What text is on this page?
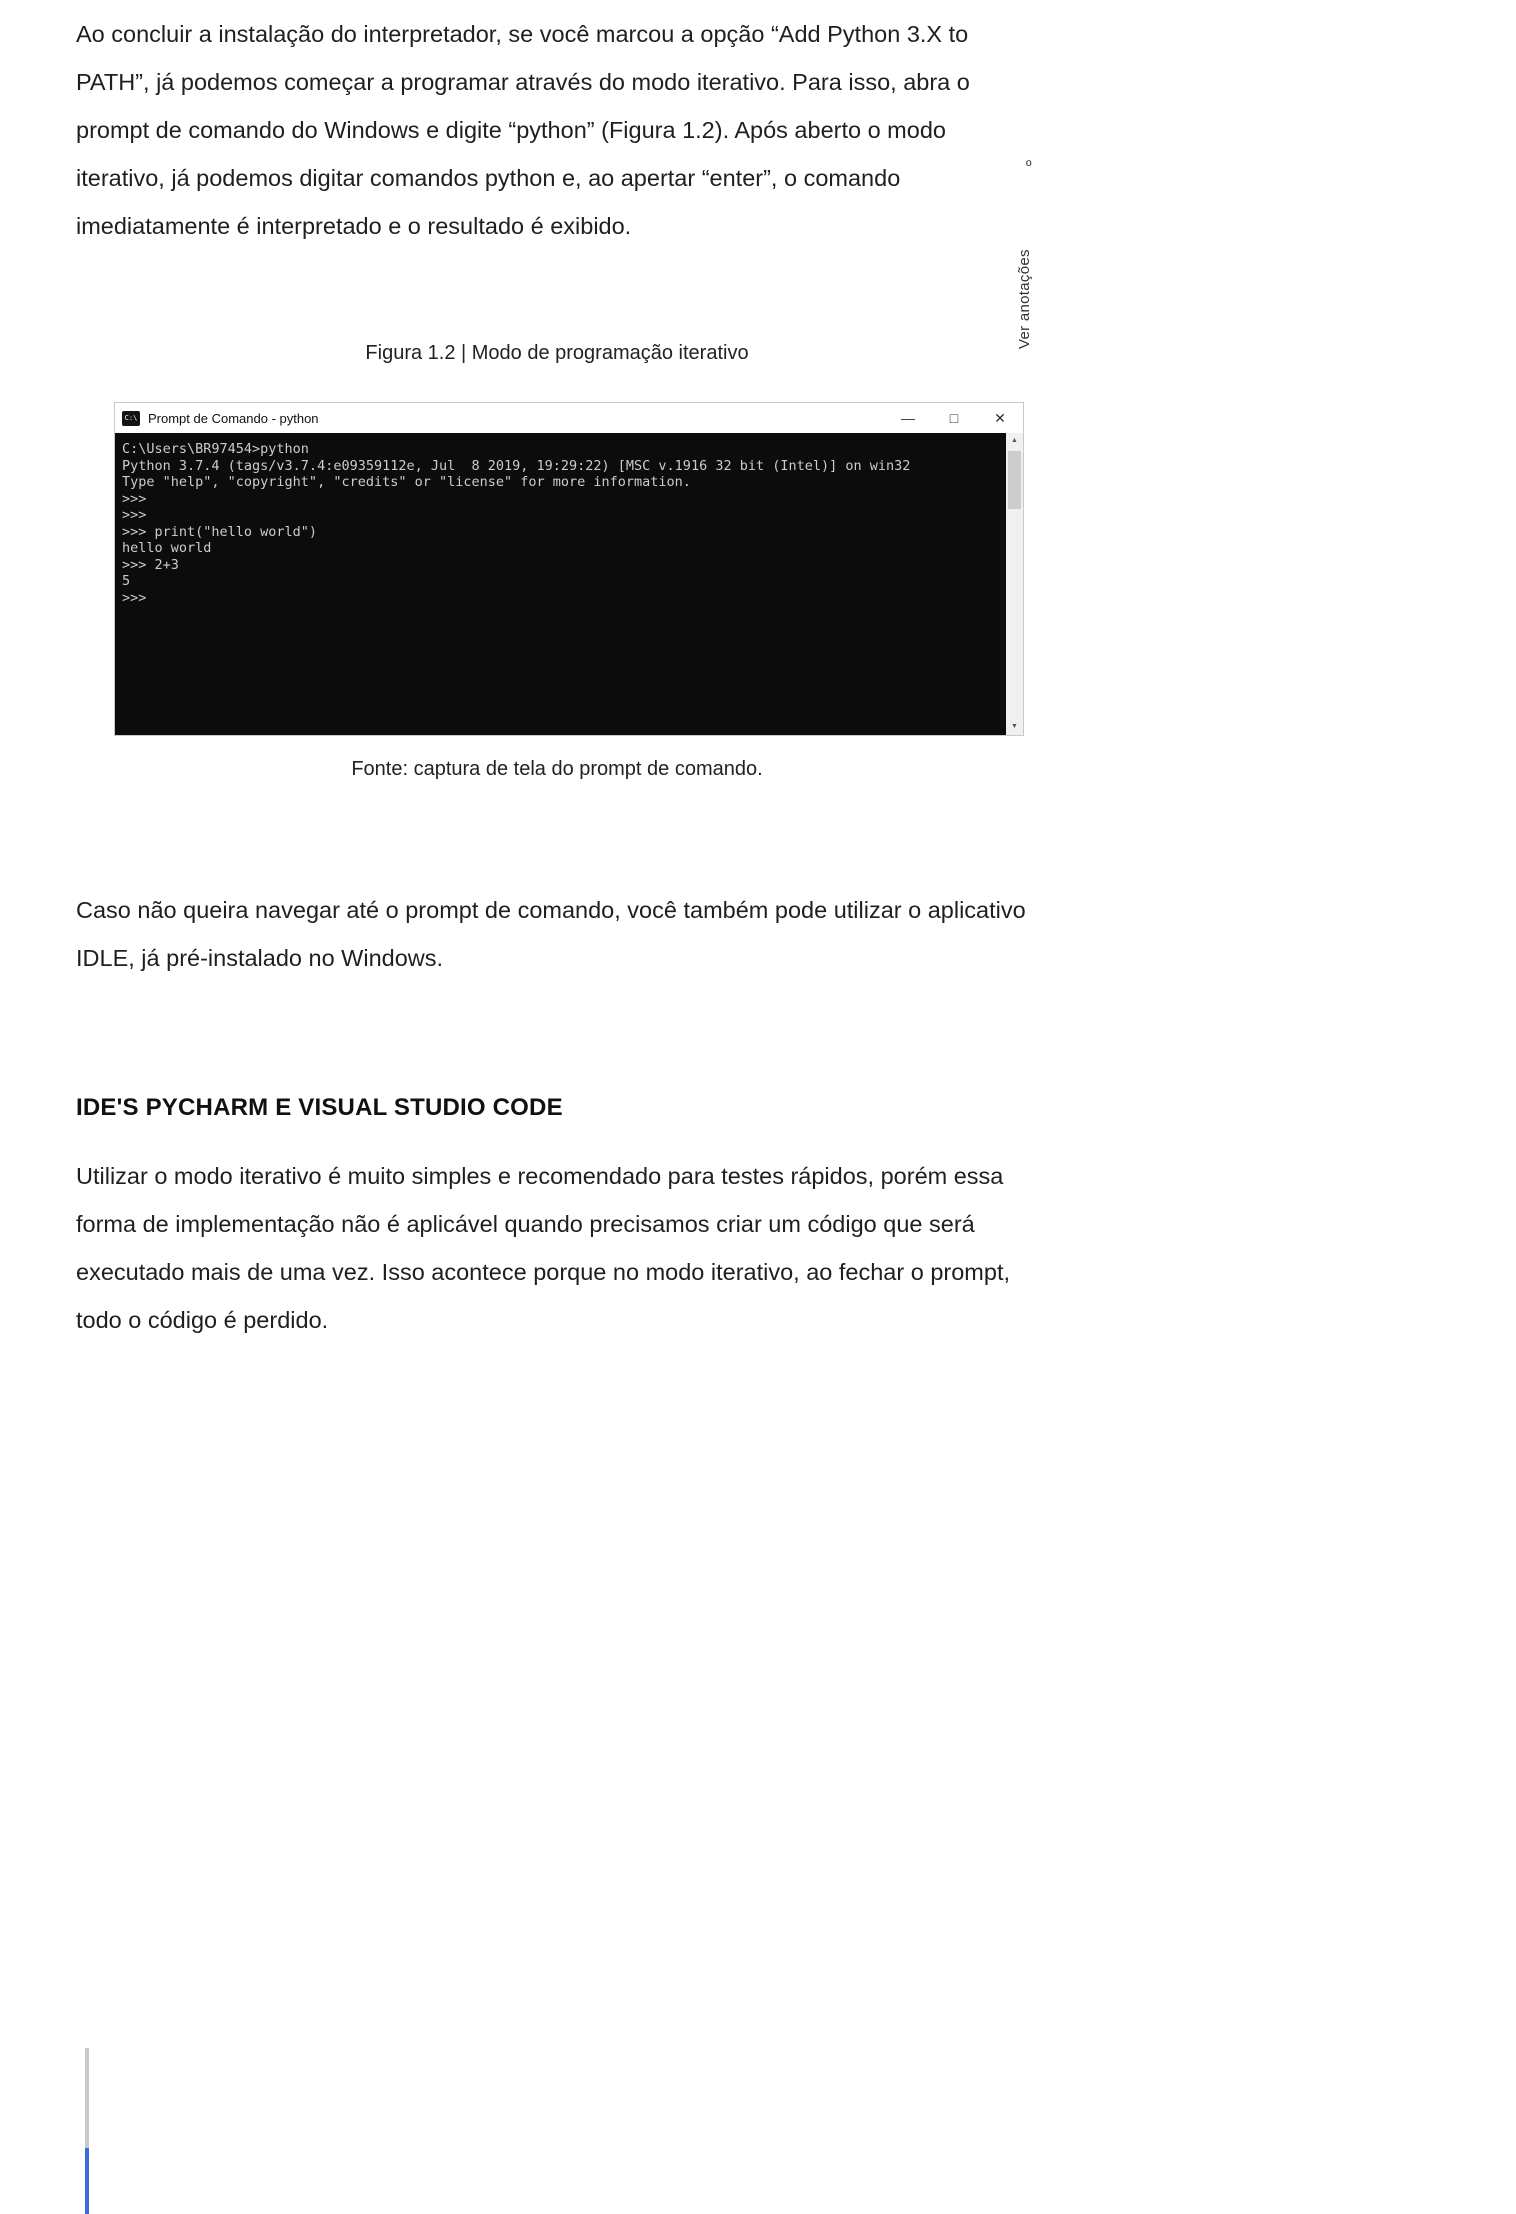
Ao concluir a instalação do interpretador, se você marcou a opção “Add Python 3.X to PATH”, já podemos começar a programar através do modo iterativo. Para isso, abra o prompt de comando do Windows e digite “python” (Figura 1.2). Após aberto o modo iterativo, já podemos digitar comandos python e, ao apertar “enter”, o comando imediatamente é interpretado e o resultado é exibido.

º
Ver anotações
Figura 1.2 | Modo de programação iterativo
C:\ Prompt de Comando - python	—	□	✕
C:\Users\BR97454>python
Python 3.7.4 (tags/v3.7.4:e09359112e, Jul  8 2019, 19:29:22) [MSC v.1916 32 bit (Intel)] on win32
Type "help", "copyright", "credits" or "license" for more information.
>>>
>>>
>>> print("hello world")
hello world
>>> 2+3
5
>>>
▲
▼
Fonte: captura de tela do prompt de comando.

Caso não queira navegar até o prompt de comando, você também pode utilizar o aplicativo IDLE, já pré-instalado no Windows.

IDE'S PYCHARM E VISUAL STUDIO CODE

Utilizar o modo iterativo é muito simples e recomendado para testes rápidos, porém essa forma de implementação não é aplicável quando precisamos criar um código que será executado mais de uma vez. Isso acontece porque no modo iterativo, ao fechar o prompt, todo o código é perdido.
